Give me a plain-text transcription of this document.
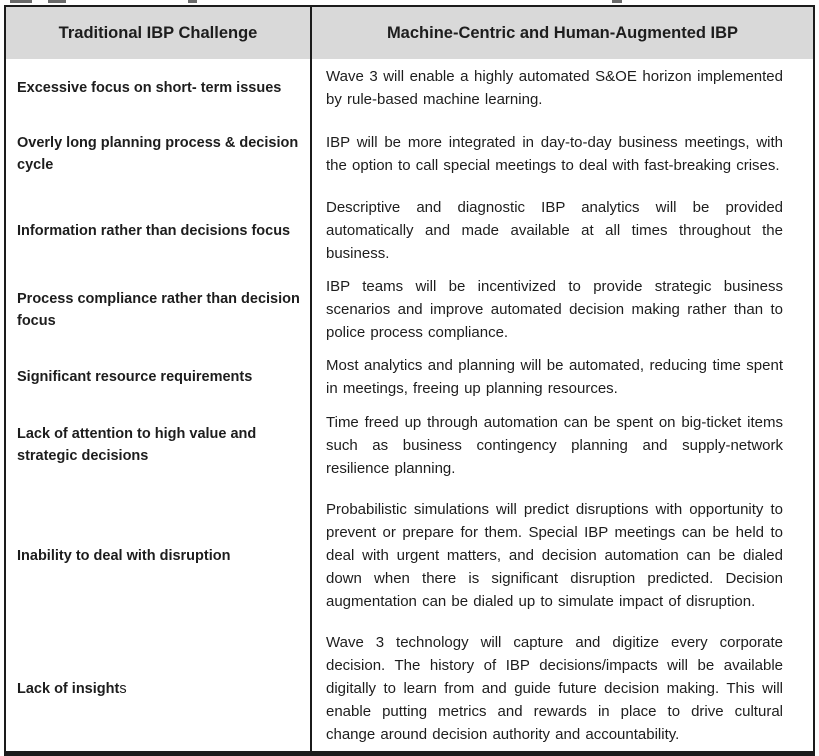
Traditional IBP Challenge	Machine-Centric and Human-Augmented IBP
Excessive focus on short- term issues

Wave 3 will enable a highly automated S&OE horizon implemented by rule-based machine learning.

Overly long planning process & decision cycle

IBP will be more integrated in day-to-day business meetings, with the option to call special meetings to deal with fast-breaking crises.

Information rather than decisions focus

Descriptive and diagnostic IBP analytics will be provided automatically and made available at all times throughout the business.

Process compliance rather than decision focus

IBP teams will be incentivized to provide strategic business scenarios and improve automated decision making rather than to police process compliance.

Significant resource requirements

Most analytics and planning will be automated, reducing time spent in meetings, freeing up planning resources.

Lack of attention to high value and strategic decisions

Time freed up through automation can be spent on big-ticket items such as business contingency planning and supply-network resilience planning.

Inability to deal with disruption

Probabilistic simulations will predict disruptions with opportunity to prevent or prepare for them. Special IBP meetings can be held to deal with urgent matters, and decision automation can be dialed down when there is significant disruption predicted. Decision augmentation can be dialed up to simulate impact of disruption.

Lack of insights

Wave 3 technology will capture and digitize every corporate decision. The history of IBP decisions/impacts will be available digitally to learn from and guide future decision making. This will enable putting metrics and rewards in place to drive cultural change around decision authority and accountability.
